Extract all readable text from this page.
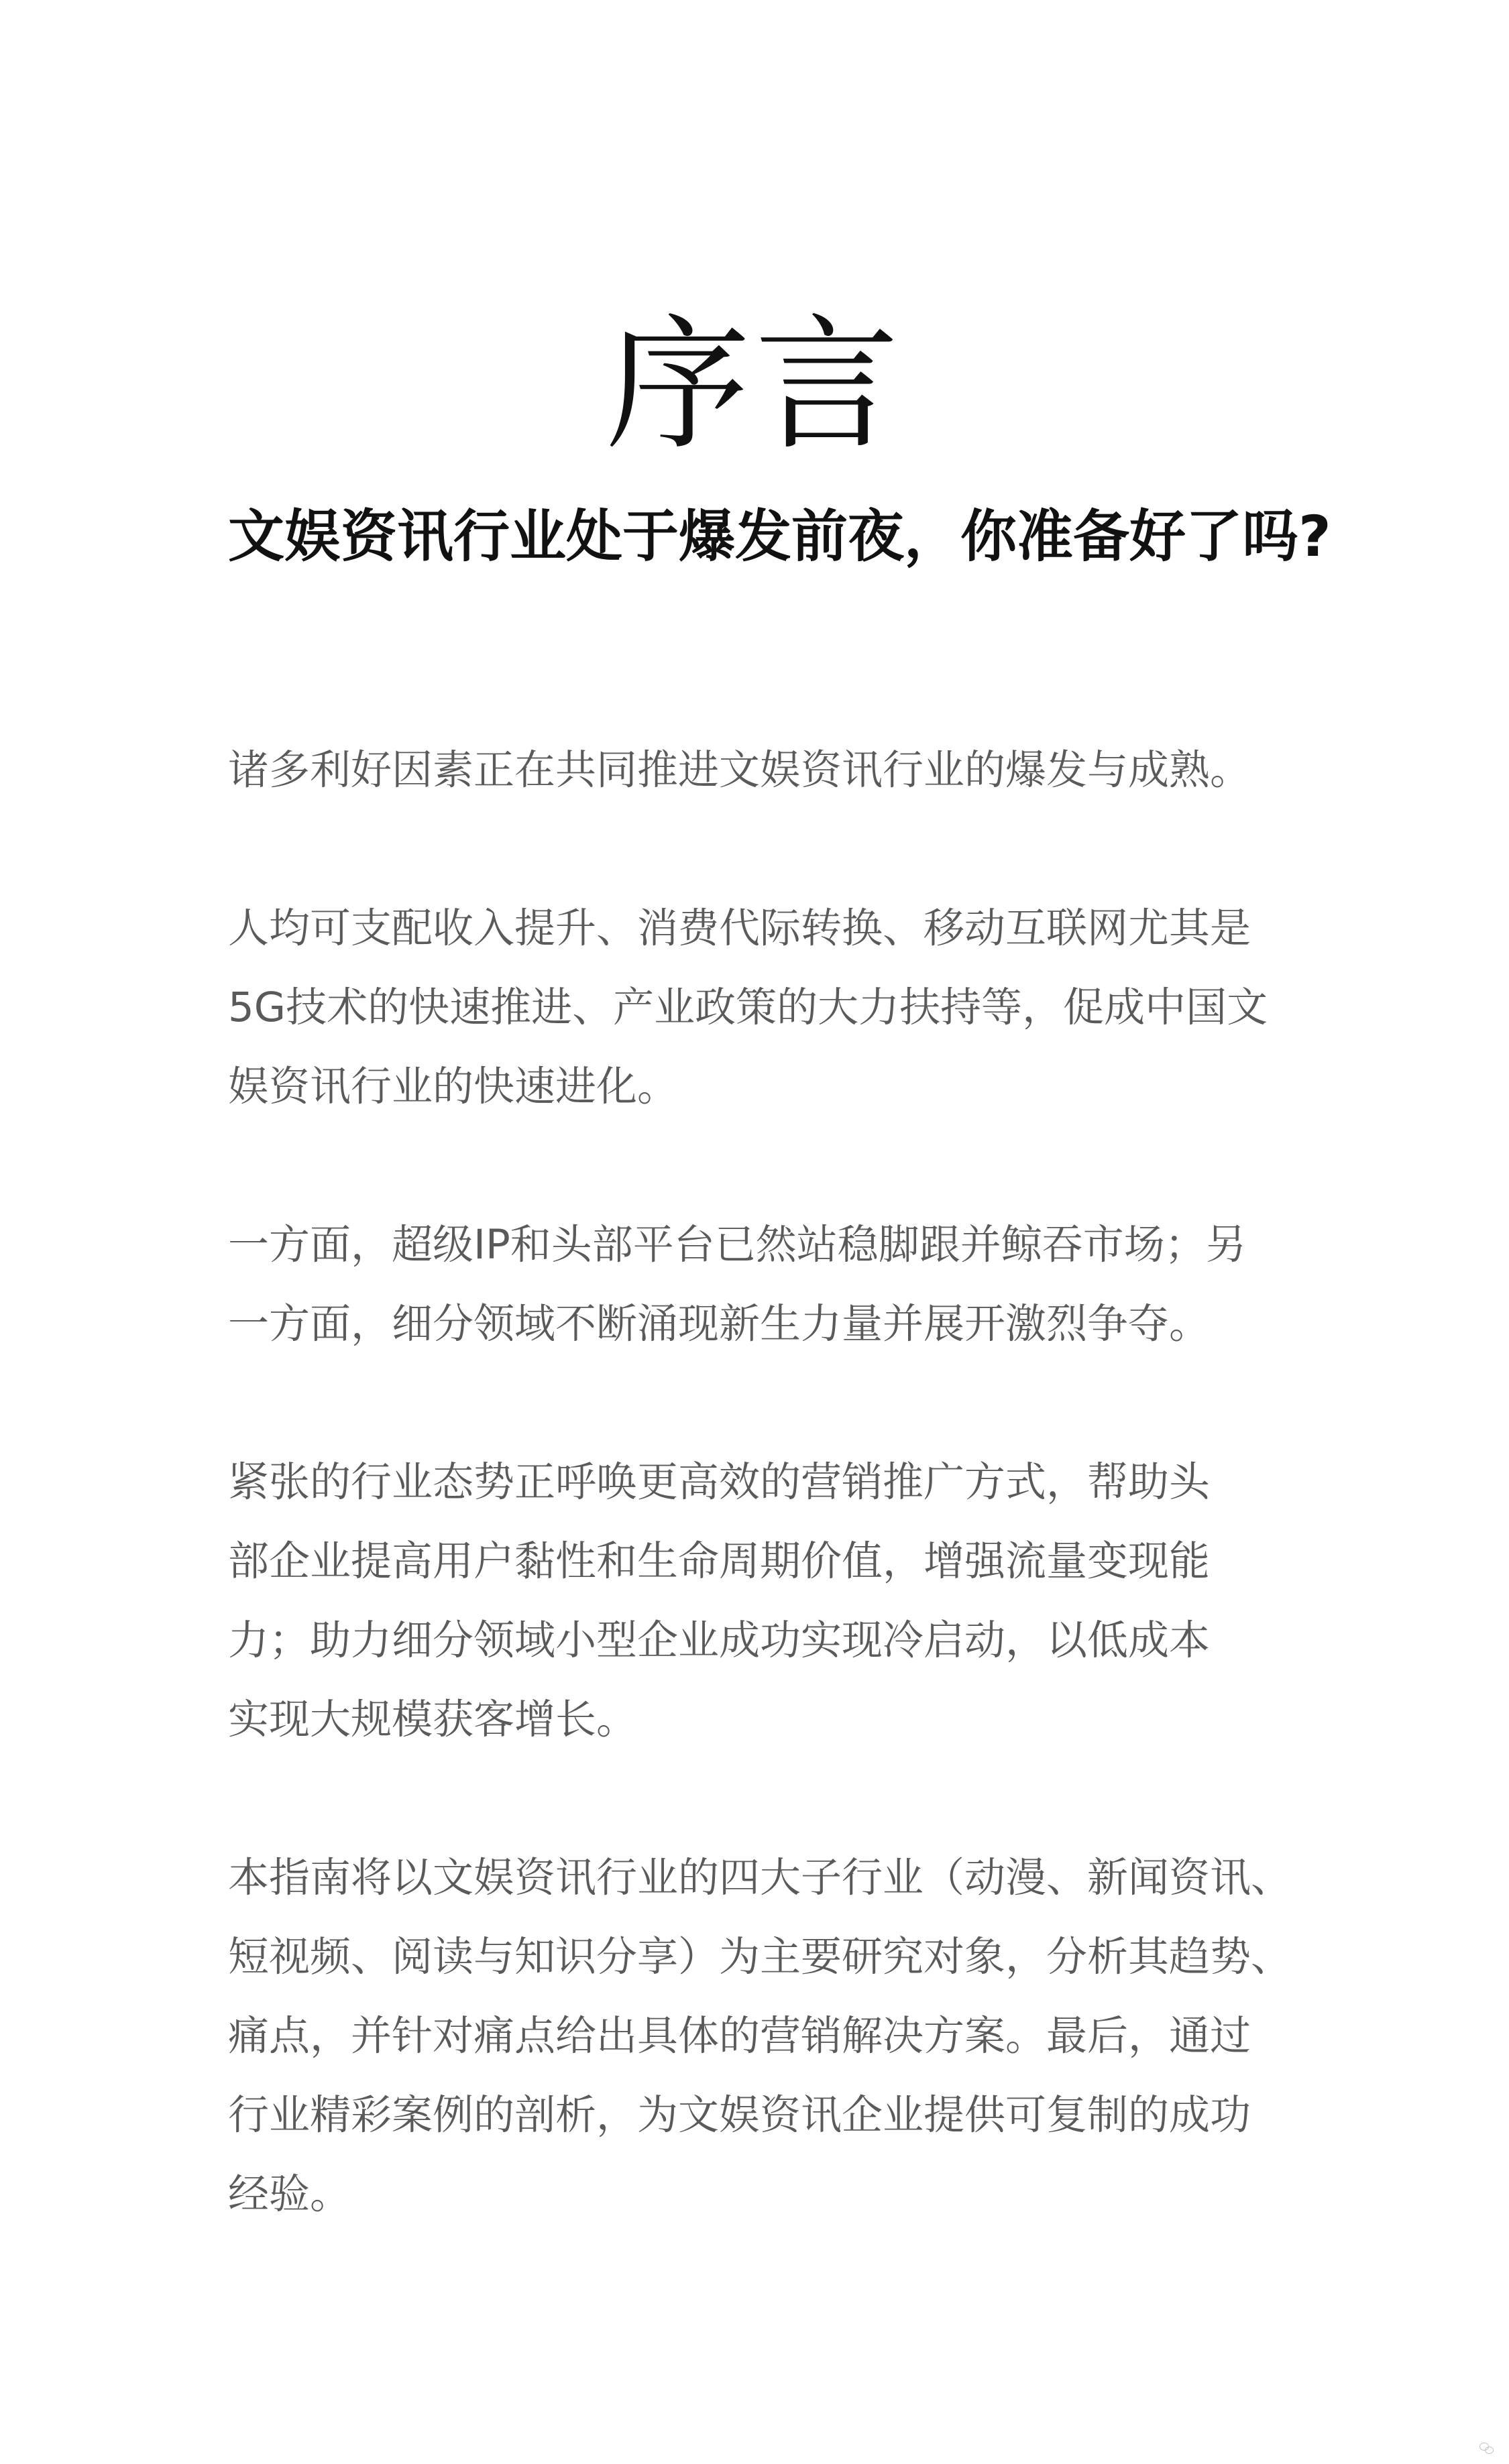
序言
文娱资讯行业处于爆发前夜，你准备好了吗?

诸多利好因素正在共同推进文娱资讯行业的爆发与成熟。

人均可支配收入提升、消费代际转换、移动互联网尤其是
5G技术的快速推进、产业政策的大力扶持等，促成中国文
娱资讯行业的快速进化。

一方面，超级IP和头部平台已然站稳脚跟并鲸吞市场；另
一方面，细分领域不断涌现新生力量并展开激烈争夺。

紧张的行业态势正呼唤更高效的营销推广方式，帮助头
部企业提高用户黏性和生命周期价值，增强流量变现能
力；助力细分领域小型企业成功实现冷启动，以低成本
实现大规模获客增长。

本指南将以文娱资讯行业的四大子行业（动漫、新闻资讯、
短视频、阅读与知识分享）为主要研究对象，分析其趋势、
痛点，并针对痛点给出具体的营销解决方案。最后，通过
行业精彩案例的剖析，为文娱资讯企业提供可复制的成功
经验。
